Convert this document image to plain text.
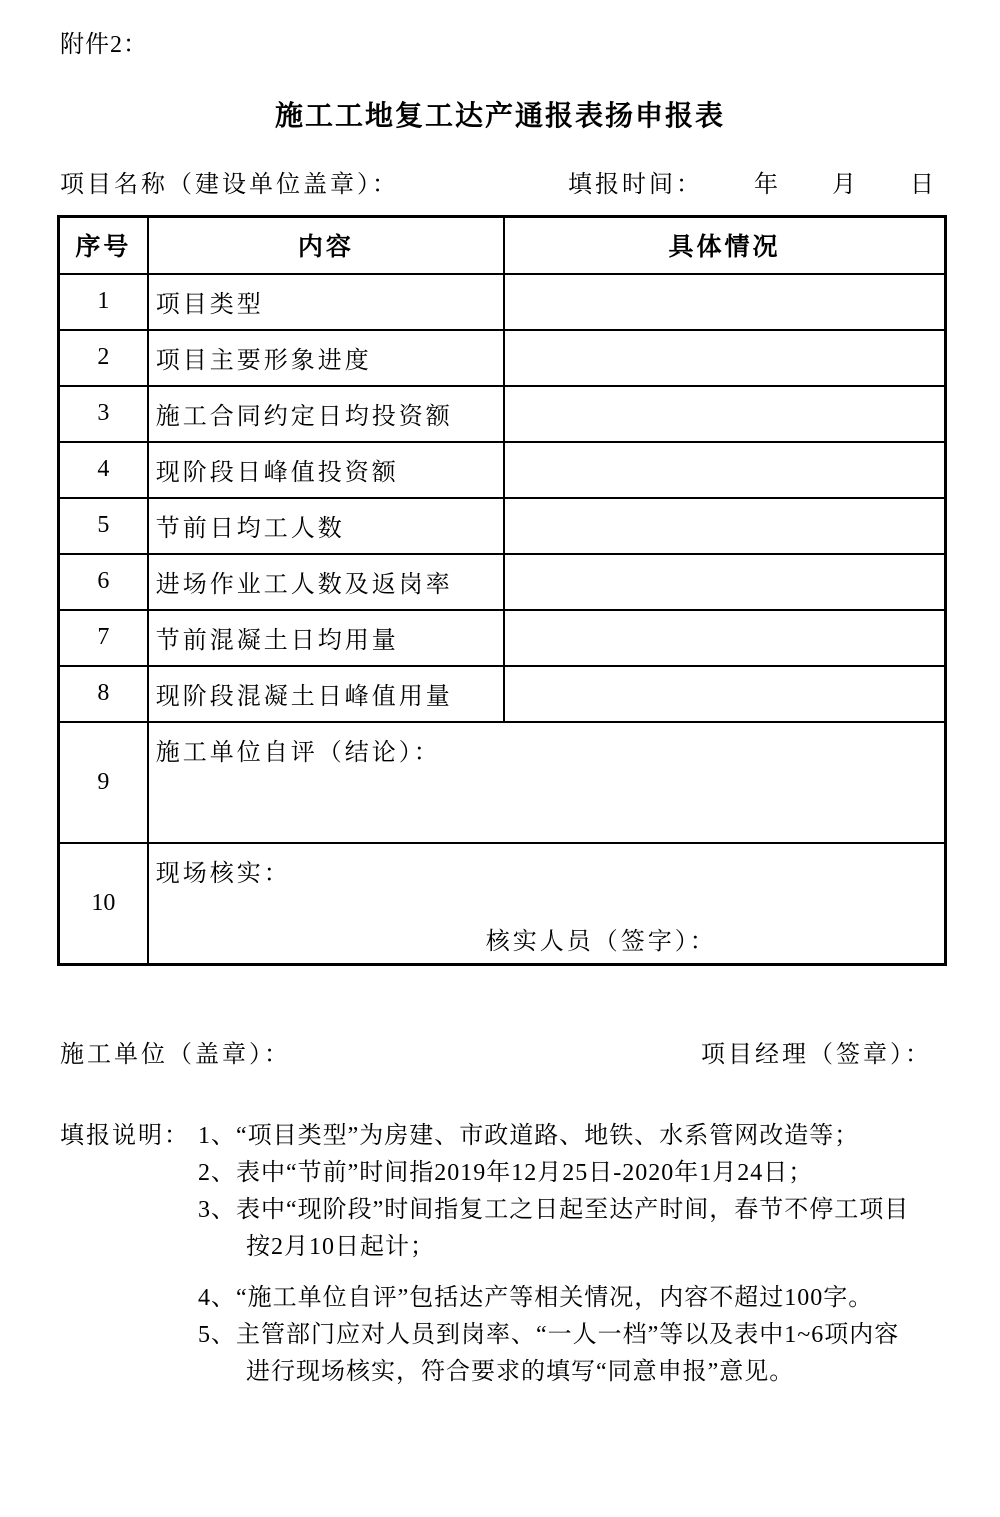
附件2：
施工工地复工达产通报表扬申报表
项目名称（建设单位盖章）：	填报时间： 年 月 日
序号	内容	具体情况
1	项目类型	
2	项目主要形象进度	
3	施工合同约定日均投资额	
4	现阶段日峰值投资额	
5	节前日均工人数	
6	进场作业工人数及返岗率	
7	节前混凝土日均用量	
8	现阶段混凝土日峰值用量	
9	施工单位自评（结论）：	
10	现场核实：
核实人员（签字）：	
施工单位（盖章）：	项目经理（签章）：
填报说明： 1、“项目类型”为房建、市政道路、地铁、水系管网改造等；
2、表中“节前”时间指2019年12月25日-2020年1月24日；
3、表中“现阶段”时间指复工之日起至达产时间，春节不停工项目按2月10日起计；
4、“施工单位自评”包括达产等相关情况，内容不超过100字。
5、主管部门应对人员到岗率、“一人一档”等以及表中1~6项内容进行现场核实，符合要求的填写“同意申报”意见。
